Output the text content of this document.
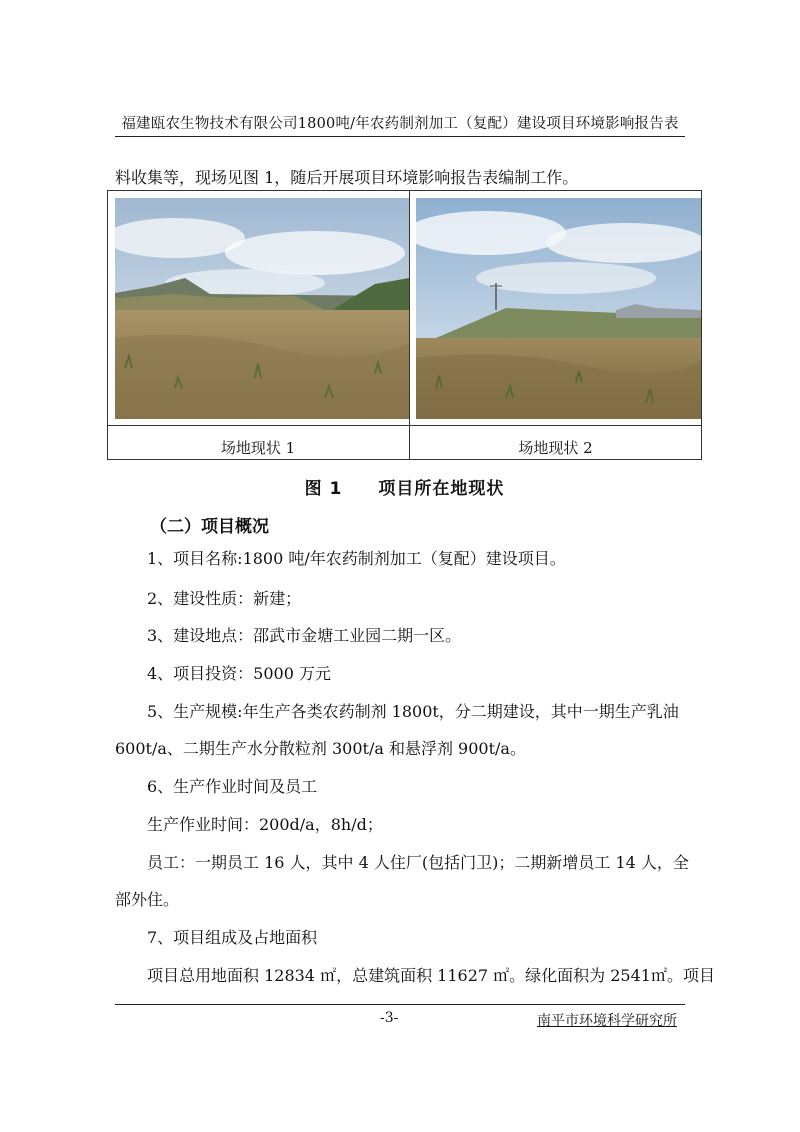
福建瓯农生物技术有限公司1800吨/年农药制剂加工（复配）建设项目环境影响报告表
料收集等，现场见图 1，随后开展项目环境影响报告表编制工作。
场地现状 1	场地现状 2
图 1　　项目所在地现状
（二）项目概况
1、项目名称:1800 吨/年农药制剂加工（复配）建设项目。
2、建设性质：新建；
3、建设地点：邵武市金塘工业园二期一区。
4、项目投资：5000 万元
5、生产规模:年生产各类农药制剂 1800t，分二期建设，其中一期生产乳油
600t/a、二期生产水分散粒剂 300t/a 和悬浮剂 900t/a。
6、生产作业时间及员工
生产作业时间：200d/a，8h/d；
员工：一期员工 16 人，其中 4 人住厂(包括门卫)；二期新增员工 14 人，全
部外住。
7、项目组成及占地面积
项目总用地面积 12834 ㎡，总建筑面积 11627 ㎡。绿化面积为 2541㎡。项目
-3-	南平市环境科学研究所
